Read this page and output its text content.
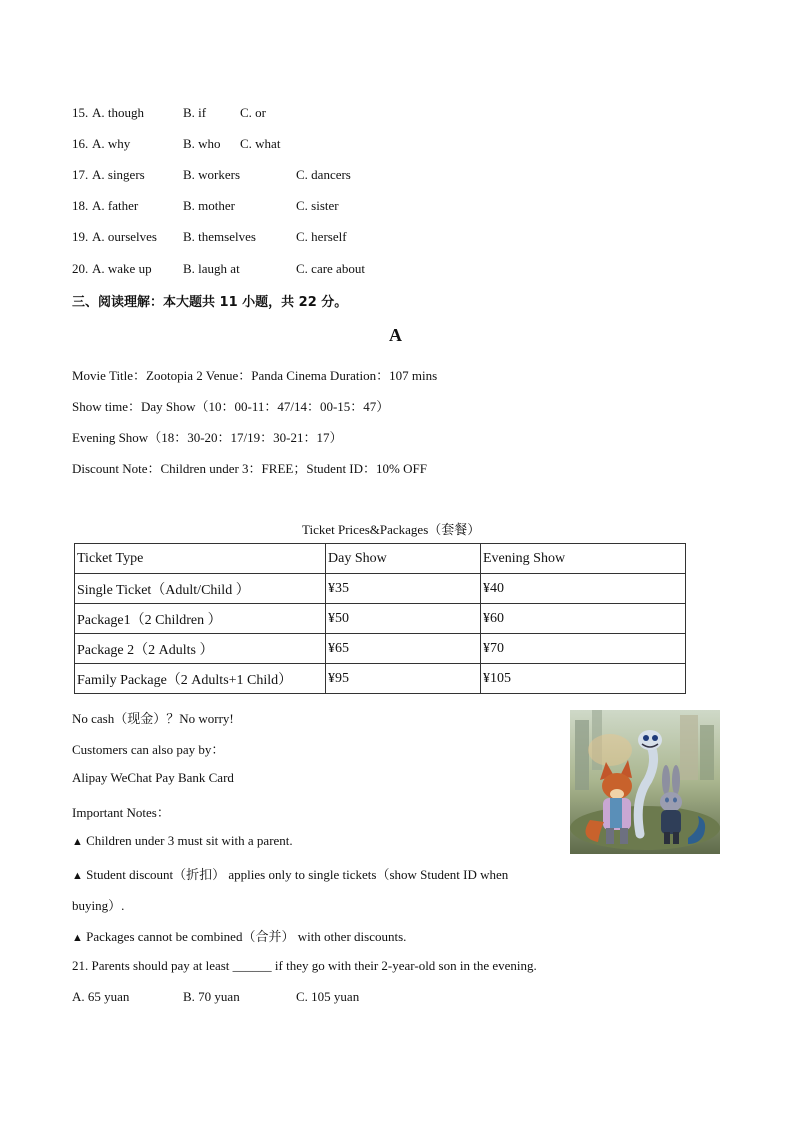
15. A. though	B. if	C. or
16. A. why	B. who C. what
17. A. singers	B. workers	C. dancers
18. A. father	B. mother	C. sister
19. A. ourselves B. themselves	C. herself
20. A. wake up B. laugh at	C. care about
三、阅读理解：本大题共 11 小题，共 22 分。
A
Movie Title：Zootopia 2 Venue：Panda Cinema Duration：107 mins
Show time：Day Show（10：00-11：47/14：00-15：47）
Evening Show（18：30-20：17/19：30-21：17）
Discount Note：Children under 3：FREE；Student ID：10% OFF
Ticket Prices&Packages（套餐）
Ticket Type	Day Show	Evening Show
Single Ticket（Adult/Child ）	¥35	¥40
Package1（2 Children ）	¥50	¥60
Package 2（2 Adults ）	¥65	¥70
Family Package（2 Adults+1 Child）	¥95	¥105
No cash（现金）？No worry!
Customers can also pay by：
Alipay WeChat Pay Bank Card
Important Notes：
▲ Children under 3 must sit with a parent.
▲ Student discount（折扣） applies only to single tickets（show Student ID when
buying）.
▲ Packages cannot be combined（合并） with other discounts.
21. Parents should pay at least ______ if they go with their 2-year-old son in the evening.
A. 65 yuan	B. 70 yuan	C. 105 yuan
